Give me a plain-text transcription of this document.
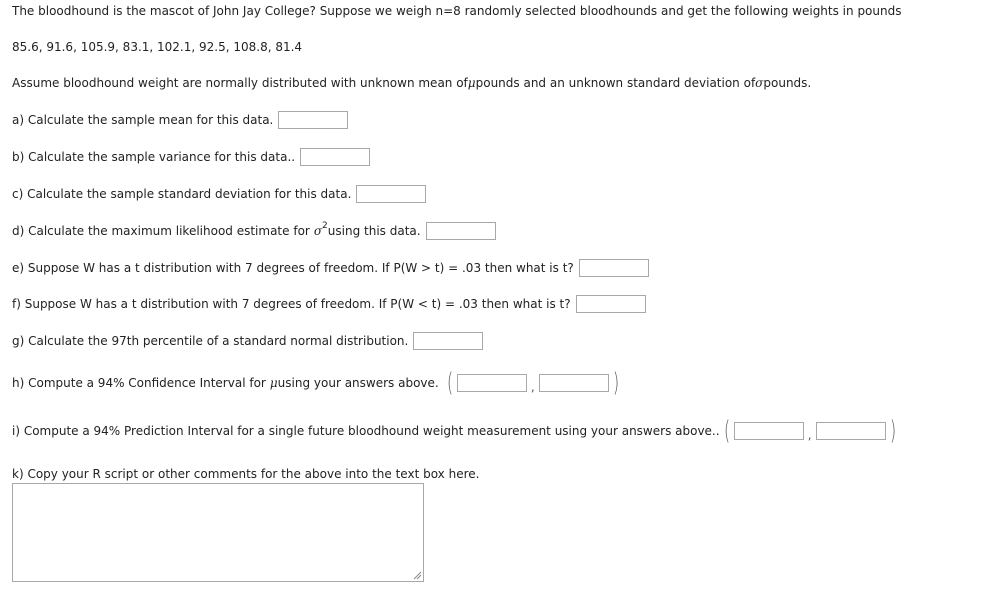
The bloodhound is the mascot of John Jay College? Suppose we weigh n=8 randomly selected bloodhounds and get the following weights in pounds
85.6, 91.6, 105.9, 83.1, 102.1, 92.5, 108.8, 81.4
Assume bloodhound weight are normally distributed with unknown mean of μ pounds and an unknown standard deviation of σ pounds.
a) Calculate the sample mean for this data.
b) Calculate the sample variance for this data..
c) Calculate the sample standard deviation for this data.
d) Calculate the maximum likelihood estimate for σ 2 using this data.
e) Suppose W has a t distribution with 7 degrees of freedom. If P(W > t) = .03 then what is t?
f) Suppose W has a t distribution with 7 degrees of freedom. If P(W < t) = .03 then what is t?
g) Calculate the 97th percentile of a standard normal distribution.
h) Compute a 94% Confidence Interval for μ using your answers above. (	,	)
i) Compute a 94% Prediction Interval for a single future bloodhound weight measurement using your answers above.. (	,	)
k) Copy your R script or other comments for the above into the text box here.
